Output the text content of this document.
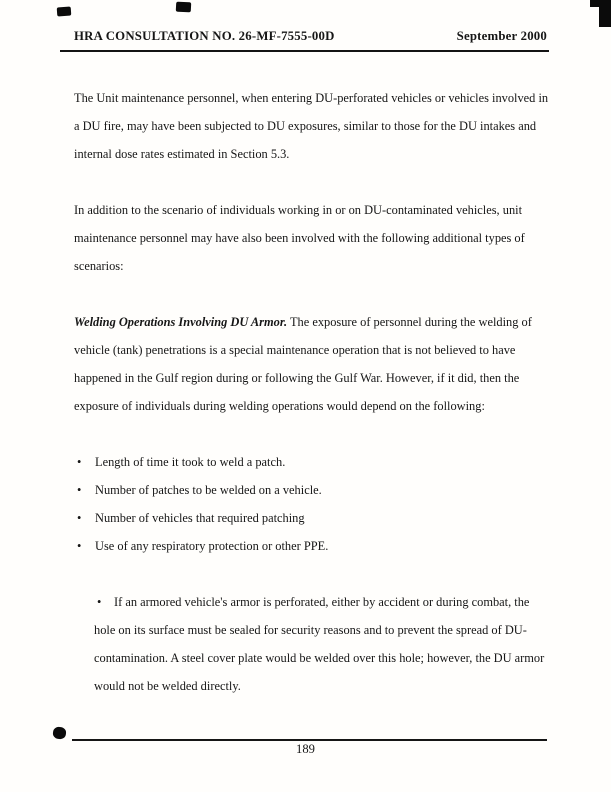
HRA CONSULTATION NO. 26-MF-7555-00D	September 2000

The Unit maintenance personnel, when entering DU-perforated vehicles or vehicles involved in a DU fire, may have been subjected to DU exposures, similar to those for the DU intakes and internal dose rates estimated in Section 5.3.

In addition to the scenario of individuals working in or on DU-contaminated vehicles, unit maintenance personnel may have also been involved with the following additional types of scenarios:

Welding Operations Involving DU Armor. The exposure of personnel during the welding of vehicle (tank) penetrations is a special maintenance operation that is not believed to have happened in the Gulf region during or following the Gulf War. However, if it did, then the exposure of individuals during welding operations would depend on the following:

• Length of time it took to weld a patch.
• Number of patches to be welded on a vehicle.
• Number of vehicles that required patching
• Use of any respiratory protection or other PPE.
• If an armored vehicle's armor is perforated, either by accident or during combat, the hole on its surface must be sealed for security reasons and to prevent the spread of DU-contamination. A steel cover plate would be welded over this hole; however, the DU armor would not be welded directly.
189
